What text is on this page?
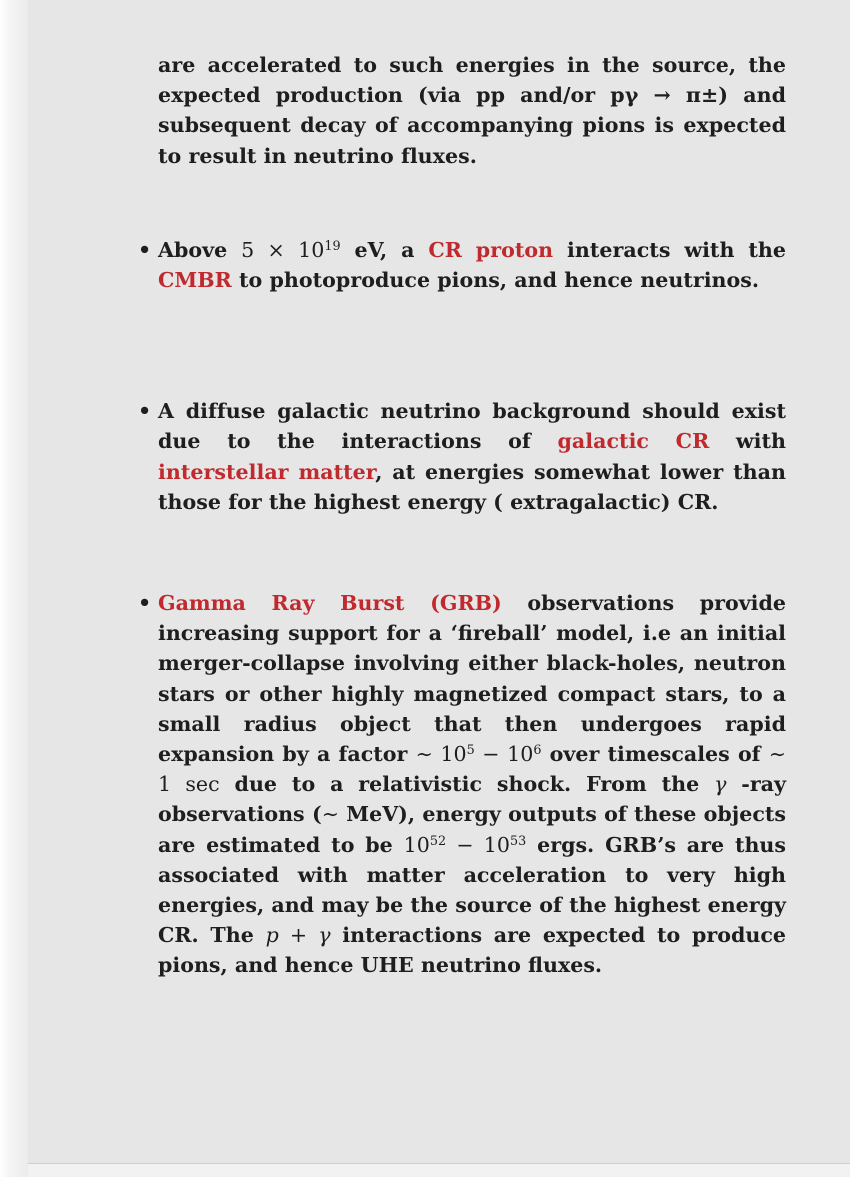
are accelerated to such energies in the source, the expected production (via pp and/or pγ → π±) and subsequent decay of accompanying pions is expected to result in neutrino fluxes.

• Above $5 \times 10^{19}$ eV, a CR proton interacts with the CMBR to photoproduce pions, and hence neutrinos.
• A diffuse galactic neutrino background should exist due to the interactions of galactic CR with interstellar matter, at energies somewhat lower than those for the highest energy ( extragalactic) CR.
• Gamma Ray Burst (GRB) observations provide increasing support for a ‘fireball’ model, i.e an initial merger-collapse involving either black-holes, neutron stars or other highly magnetized compact stars, to a small radius object that then undergoes rapid expansion by a factor ∼ $10^5 - 10^6$ over timescales of ∼ 1 sec due to a relativistic shock. From the γ -ray observations (∼ MeV), energy outputs of these objects are estimated to be $10^{52} - 10^{53}$ ergs. GRB’s are thus associated with matter acceleration to very high energies, and may be the source of the highest energy CR. The p + γ interactions are expected to produce pions, and hence UHE neutrino fluxes.
